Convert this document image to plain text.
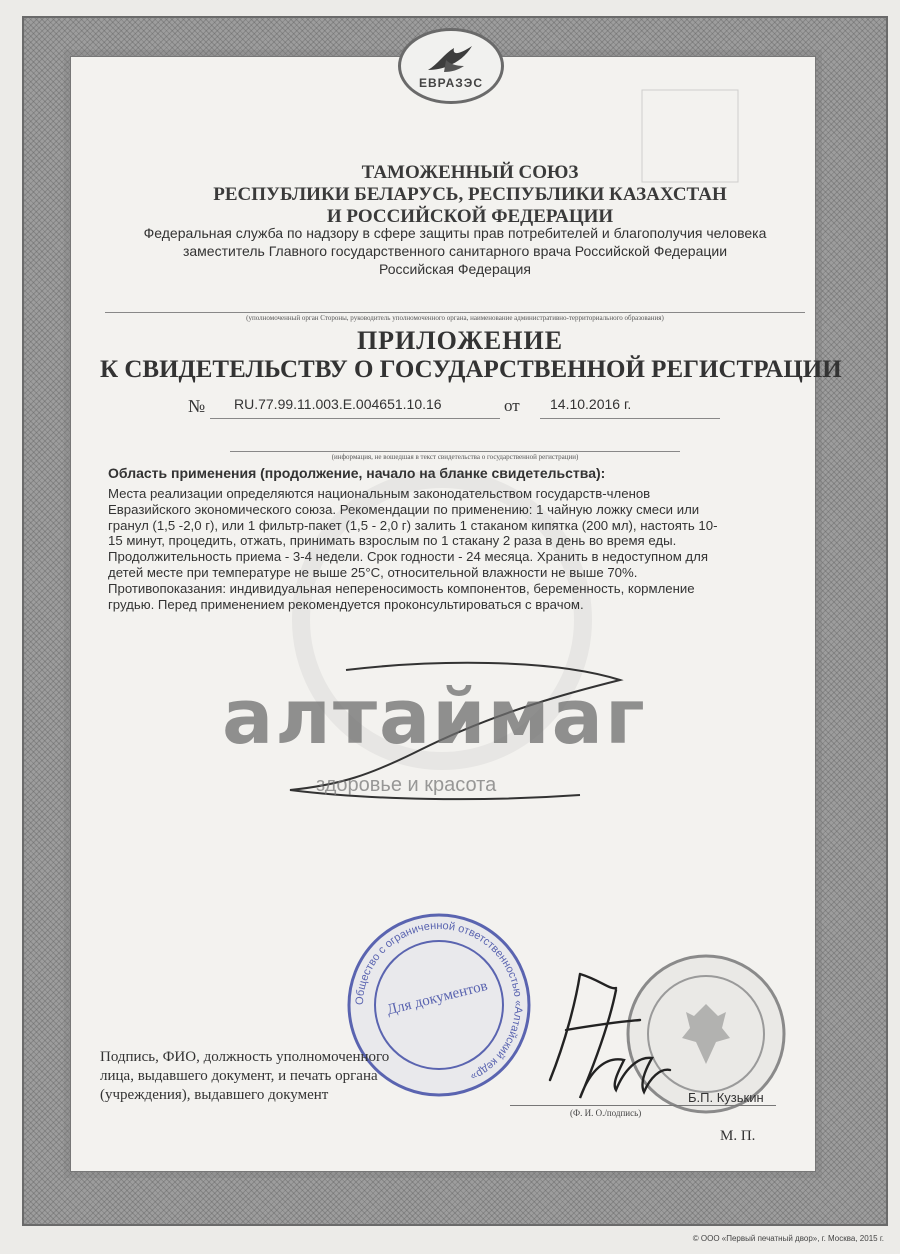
ЕВРАЗЭС
ТАМОЖЕННЫЙ СОЮЗ
РЕСПУБЛИКИ БЕЛАРУСЬ, РЕСПУБЛИКИ КАЗАХСТАН
И РОССИЙСКОЙ ФЕДЕРАЦИИ
Федеральная служба по надзору в сфере защиты прав потребителей и благополучия человека
заместитель Главного государственного санитарного врача Российской Федерации
Российская Федерация
(уполномоченный орган Стороны, руководитель уполномоченного органа, наименование административно-территориального образования)
ПРИЛОЖЕНИЕ
К СВИДЕТЕЛЬСТВУ О ГОСУДАРСТВЕННОЙ РЕГИСТРАЦИИ
№ RU.77.99.11.003.Е.004651.10.16	от 14.10.2016 г.
(информация, не вошедшая в текст свидетельства о государственной регистрации)
Область применения (продолжение, начало на бланке свидетельства):
Места реализации определяются национальным законодательством государств-членов
Евразийского экономического союза. Рекомендации по применению: 1 чайную ложку смеси или
гранул (1,5 -2,0 г), или 1 фильтр-пакет (1,5 - 2,0 г) залить 1 стаканом кипятка (200 мл), настоять 10-
15 минут, процедить, отжать, принимать взрослым по 1 стакану 2 раза в день во время еды.
Продолжительность приема - 3-4 недели. Срок годности - 24 месяца. Хранить в недоступном для
детей месте при температуре не выше 25°С, относительной влажности не выше 70%.
Противопоказания: индивидуальная непереносимость компонентов, беременность, кормление
грудью. Перед применением рекомендуется проконсультироваться с врачом.
алтаймаг
здоровье и красота
Общество с ограниченной ответственностью «Алтайский кедр»
Для документов
Подпись, ФИО, должность уполномоченного
лица, выдавшего документ, и печать органа
(учреждения), выдавшего документ	Б.П. Кузькин
(Ф. И. О./подпись)
М. П.
© ООО «Первый печатный двор», г. Москва, 2015 г.
